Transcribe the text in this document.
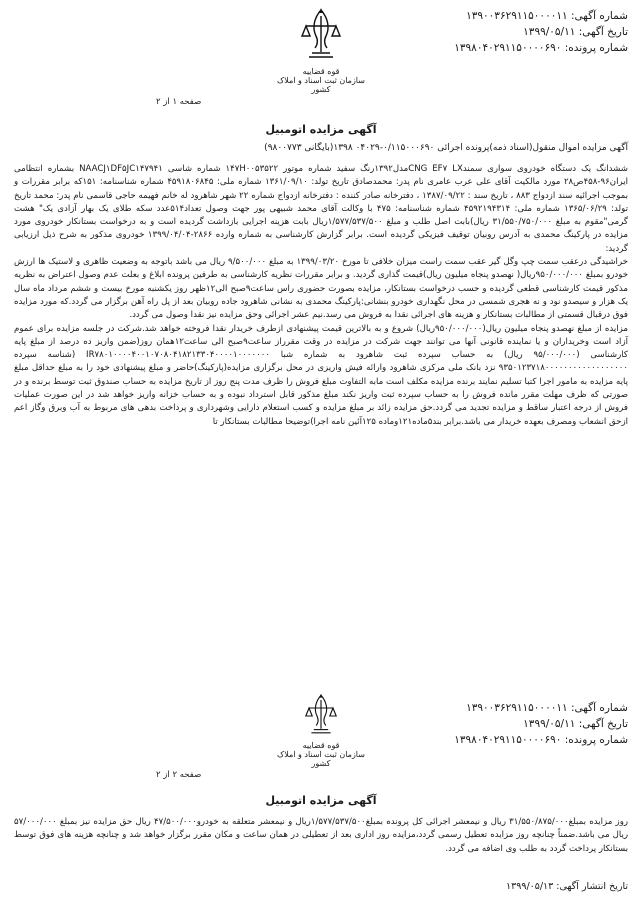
شماره آگهی: ۱۳۹۰۰۳۶۲۹۱۱۵۰۰۰۰۱۱
تاریخ آگهی: ۱۳۹۹/۰۵/۱۱
شماره پرونده: ۱۳۹۸۰۴۰۲۹۱۱۵۰۰۰۰۶۹۰
قوه قضاییه
سازمان ثبت اسناد و املاک کشور
صفحه ۱ از ۲
آگهی مزایده اتومبیل
آگهی مزایده اموال منقول(اسناد ذمه)پرونده اجرائی ۰/۱۱۵۰۰۰۶۹۰-۰۴۰۲۹ ۱۳۹۸(بایگانی ۹۸۰۰۷۷۳)

ششدانگ یک دستگاه خودروی سواری سمندCNG EF۷ LXمدل۱۳۹۲رنگ سفید شماره موتور ۱۴۷H۰۰۵۳۵۲۲ شماره شاسی NAACJ۱DF۵JC۱۴۷۹۴۱ بشماره انتظامی ایران۹۶-۴۵۸ص۲۸ مورد مالکیت آقای علی عرب عامری نام پدر: محمدصادق تاریخ تولد: ۱۳۶۱/۰۹/۱۰ شماره ملی: ۴۵۹۱۸۰۶۸۴۵ شماره شناسنامه: ۱۵۱که برابر مقررات و بموجب اجرائیه سند ازدواج ۸۸۳ ، تاریخ سند : ۱۳۸۷/۰۹/۲۲ ، دفترخانه صادر کننده : دفترخانه ازدواج شماره ۲۲ شهر شاهرود له خانم فهیمه حاجی قاسمی نام پدر: محمد تاریخ تولد: ۱۳۶۵/۰۶/۲۹ شماره ملی: ۴۵۹۲۱۹۴۳۱۴ شماره شناسنامه: ۴۷۵ با وکالت آقای محمد شبیهی پور جهت وصول تعداد۵۱۴عدد سکه طلای یک بهار آزادی یک" هشت گرمی"مقوم به مبلغ ۳۱/۵۵۰/۷۵۰/۰۰۰ ریال)بابت اصل طلب و مبلغ ۱/۵۷۷/۵۳۷/۵۰۰ریال بابت هزینه اجرایی بازداشت گردیده است و به درخواست بستانکار خودروی مورد مزایده در پارکینگ محمدی به آدرس روبیان توقیف فیزیکی گردیده است. برابر گزارش کارشناسی به شماره وارده ۲۸۶۶-۱۳۹۹/۰۴/۰۴ خودروی مذکور به شرح ذیل ارزیابی گردید:

خراشیدگی درعقب سمت چپ وگل گیر عقب سمت راست میزان خلافی تا مورخ ۱۳۹۹/۰۳/۲۰ به مبلغ ۹/۵۰۰/۰۰۰ ریال می باشد باتوجه به وضعیت ظاهری و لاستیک ها ارزش خودرو بمبلغ ۹۵۰/۰۰۰/۰۰۰ریال( نهصدو پنجاه میلیون ریال)قیمت گذاری گردید. و برابر مقررات نظریه کارشناسی به طرفین پرونده ابلاغ و بعلت عدم وصول اعتراض به نظریه مذکور قیمت کارشناسی قطعی گردیده و حسب درخواست بستانکار، مزایده بصورت حضوری راس ساعت۹صبح الی۱۲ظهر روز یکشنبه مورخ بیست و ششم مرداد ماه سال یک هزار و سیصدو نود و نه هجری شمسی در محل نگهداری خودرو بنشانی:پارکینگ محمدی به نشانی شاهرود جاده روبیان بعد از پل راه آهن برگزار می گردد.که مورد مزایده فوق درقبال قسمتی از مطالبات بستانکار و هزینه های اجرائی نقدا به فروش می رسد.نیم عشر اجرائی وحق مزایده نیز نقدا وصول می گردد.

مزایده از مبلغ نهصدو پنجاه میلیون ریال(۹۵۰/۰۰۰/۰۰۰ریال) شروع و به بالاترین قیمت پیشنهادی ازطرف خریدار نقدا فروخته خواهد شد.شرکت در جلسه مزایده برای عموم آزاد است وخریداران و یا نماینده قانونی آنها می توانند جهت شرکت در مزایده در وقت مقرراز ساعت۹صبح الی ساعت۱۲همان روز(ضمن واریز ده درصد از مبلغ پایه کارشناسی (۹۵/۰۰۰/۰۰۰ ریال) به حساب سپرده ثبت شاهرود به شماره شبا IR۷۸۰۱۰۰۰۰۴۰۰۱۰۷۰۸۰۴۱۸۲۱۳۳۰۴۰۰۰۰۱۰۰۰۰۰۰۰ (شناسه سپرده ۹۳۵۰۱۲۳۷۱۸۰۰۰۰۰۰۰۰۰۰۰۰۰۰۰۰۰۰ نزد بانک ملی مرکزی شاهرود وارائه فیش واریزی در محل برگزاری مزایده(پارکینگ)حاضر و مبلغ پیشنهادی خود را به مبلغ حداقل مبلغ پایه مزایده به مامور اجرا کتبا تسلیم نمایند برنده مزایده مکلف است مابه التفاوت مبلغ فروش را ظرف مدت پنج روز از تاریخ مزایده به حساب صندوق ثبت توسط برنده و در صورتی که ظرف مهلت مقرر مانده فروش را به حساب سپرده ثبت واریز نکند مبلغ مذکور قابل استرداد نبوده و به حساب خزانه واریز خواهد شد در این صورت عملیات فروش از درجه اعتبار ساقط و مزایده تجدید می گردد.حق مزایده زائد بر مبلغ مزایده و کسب استعلام دارایی وشهرداری و پرداخت بدهی های مربوط به آب وبرق وگاز اعم ازحق انشعاب ومصرف بعهده خریدار می باشد.برابر بند۵ماده۱۲۱وماده ۱۲۵آئین نامه اجرا)توضیحا مطالبات بستانکار تا

شماره آگهی: ۱۳۹۰۰۳۶۲۹۱۱۵۰۰۰۰۱۱
تاریخ آگهی: ۱۳۹۹/۰۵/۱۱
شماره پرونده: ۱۳۹۸۰۴۰۲۹۱۱۵۰۰۰۰۶۹۰
قوه قضاییه
سازمان ثبت اسناد و املاک کشور
صفحه ۲ از ۲
آگهی مزایده اتومبیل

روز مزایده بمبلغ۳۱/۵۵۰/۸۷۵/۰۰۰ ریال و نیمعشر اجرائی کل پرونده بمبلغ۱/۵۷۷/۵۳۷/۵۰۰ریال و نیمعشر متعلقه به خودرو۴۷/۵۰۰/۰۰۰ ریال حق مزایده نیز بمبلغ ۵۷/۰۰۰/۰۰۰ ریال می باشد.ضمناً چنانچه روز مزایده تعطیل رسمی گردد،مزایده روز اداری بعد از تعطیلی در همان ساعت و مکان مقرر برگزار خواهد شد و چنانچه هزینه های فوق توسط بستانکار پرداخت گردد به طلب وی اضافه می گردد.

تاریخ انتشار آگهی: ۱۳۹۹/۰۵/۱۳
